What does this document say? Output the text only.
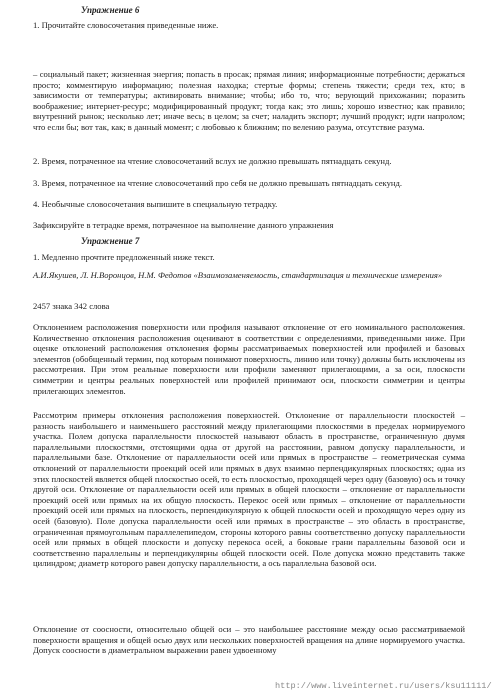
Упражнение 6
1. Прочитайте словосочетания приведенные ниже.
– социальный пакет; жизненная энергия; попасть в просак; прямая линия; информационные потребности; держаться просто; комментирую информацию; полезная находка; стертые формы; степень тяжести; среди тех, кто; в зависимости от температуры; активировать внимание; чтобы; ибо то, что; верующий прихожанин; поразить воображение; интернет-ресурс; модифицированный продукт; тогда как; это лишь; хорошо известно; как правило; внутренний рынок; несколько лет; иначе весь; в целом; за счет; наладить экспорт; лучший продукт; идти напролом; что если бы; вот так, как; в данный момент; с любовью к ближним; по велению разума, отсутствие разума.
2. Время, потраченное на чтение словосочетаний вслух не должно превышать пятнадцать секунд.
3. Время, потраченное на чтение словосочетаний про себя не должно превышать пятнадцать секунд.
4. Необычные словосочетания выпишите в специальную тетрадку.
Зафиксируйте в тетрадке время, потраченное на выполнение данного упражнения
Упражнение 7
1. Медленно прочтите предложенный ниже текст.
А.И.Якушев, Л. Н.Воронцов, Н.М. Федотов «Взаимозаменяемость, стандартизация и технические измерения»
2457 знака 342 слова
Отклонением расположения поверхности или профиля называют отклонение от его номинального расположения. Количественно отклонения расположения оценивают в соответствии с определениями, приведенными ниже. При оценке отклонений расположения отклонения формы рассматриваемых поверхностей или профилей и базовых элементов (обобщенный термин, под которым понимают поверхность, линию или точку) должны быть исключены из рассмотрения. При этом реальные поверхности или профили заменяют прилегающими, а за оси, плоскости симметрии и центры реальных поверхностей или профилей принимают оси, плоскости симметрии и центры прилегающих элементов.
Рассмотрим примеры отклонения расположения поверхностей. Отклонение от параллельности плоскостей – разность наибольшего и наименьшего расстояний между прилегающими плоскостями в пределах нормируемого участка. Полем допуска параллельности плоскостей называют область в пространстве, ограниченную двумя параллельными плоскостями, отстоящими одна от другой на расстоянии, равном допуску параллельности, и параллельными базе. Отклонение от параллельности осей или прямых в пространстве – геометрическая сумма отклонений от параллельности проекций осей или прямых в двух взаимно перпендикулярных плоскостях; одна из этих плоскостей является общей плоскостью осей, то есть плоскостью, проходящей через одну (базовую) ось и точку другой оси. Отклонение от параллельности осей или прямых в общей плоскости – отклонение от параллельности проекций осей или прямых на их общую плоскость. Перекос осей или прямых – отклонение от параллельности проекций осей или прямых на плоскость, перпендикулярную к общей плоскости осей и проходящую через одну из осей (базовую). Поле допуска параллельности осей или прямых в пространстве – это область в пространстве, ограниченная прямоугольным параллелепипедом, стороны которого равны соответственно допуску параллельности осей или прямых в общей плоскости и допуску перекоса осей, а боковые грани параллельны базовой оси и соответственно параллельны и перпендикулярны общей плоскости осей. Поле допуска можно представить также цилиндром; диаметр которого равен допуску параллельности, а ось параллельна базовой оси.
Отклонение от соосности, относительно общей оси – это наибольшее расстояние между осью рассматриваемой поверхности вращения и общей осью двух или нескольких поверхностей вращения на длине нормируемого участка. Допуск соосности в диаметральном выражении равен удвоенному
http://www.liveinternet.ru/users/ksu11111/
